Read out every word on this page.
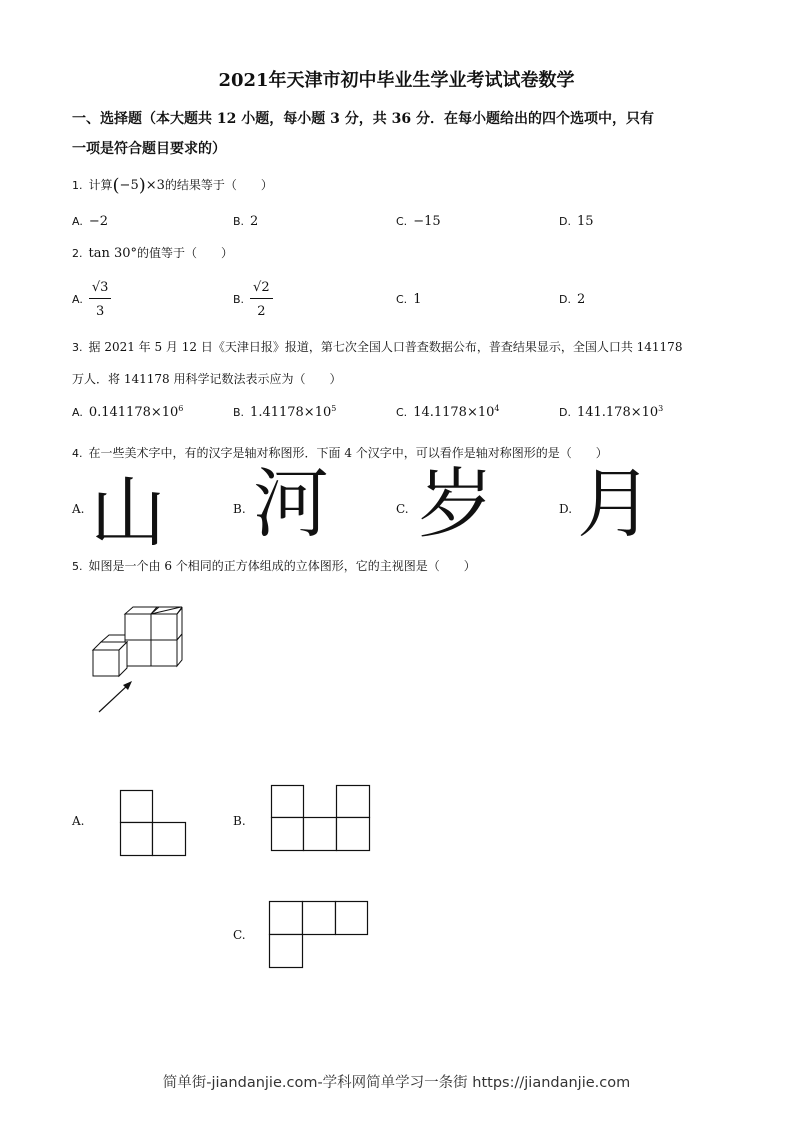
2021年天津市初中毕业生学业考试试卷数学
一、选择题（本大题共 12 小题，每小题 3 分，共 36 分．在每小题给出的四个选项中，只有
一项是符合题目要求的）
1. 计算(−5)×3的结果等于（　　）
A. −2	B. 2	C. −15	D. 15
2. tan 30°的值等于（　　）
A. $\frac{√3}{3}$	B. $\frac{√2}{2}$	C. 1	D. 2
3. 据 2021 年 5 月 12 日《天津日报》报道，第七次全国人口普查数据公布，普查结果显示，全国人口共 141178
万人．将 141178 用科学记数法表示应为（　　）
A. $0.141178\times 10^6$	B. $1.41178\times 10^5$	C. $14.1178\times 10^4$	D. $141.178\times 10^3$
4. 在一些美术字中，有的汉字是轴对称图形．下面 4 个汉字中，可以看作是轴对称图形的是（　　）
A. 山	B. 河	C. 岁	D. 月
5. 如图是一个由 6 个相同的正方体组成的立体图形，它的主视图是（　　）
A.	B.
C.
简单街-jiandanjie.com-学科网简单学习一条街 https://jiandanjie.com
